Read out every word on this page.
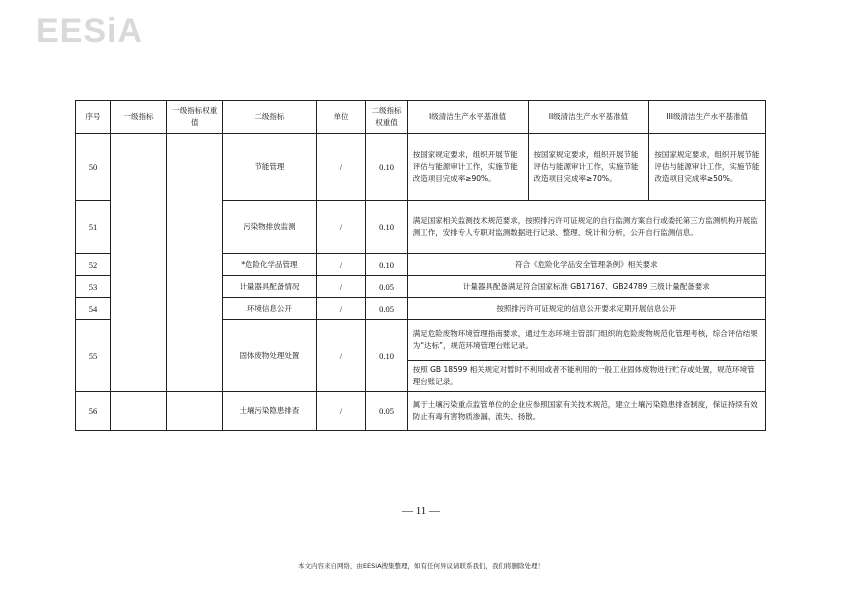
EESiA
序号	一级指标	一级指标权重值	二级指标	单位	二级指标权重值	I级清洁生产水平基准值	II级清洁生产水平基准值	III级清洁生产水平基准值
50			节能管理	/	0.10	按国家规定要求，组织开展节能评估与能源审计工作，实施节能改造项目完成率≥90%。	按国家规定要求，组织开展节能评估与能源审计工作，实施节能改造项目完成率≥70%。	按国家规定要求，组织开展节能评估与能源审计工作，实施节能改造项目完成率≥50%。
51			污染物排放监测	/	0.10	满足国家相关监测技术规范要求，按照排污许可证规定的自行监测方案自行或委托第三方监测机构开展监测工作，安排专人专职对监测数据进行记录、整理、统计和分析，公开自行监测信息。		
52			*危险化学品管理	/	0.10	符合《危险化学品安全管理条例》相关要求		
53			计量器具配备情况	/	0.05	计量器具配备满足符合国家标准 GB17167、GB24789 三级计量配备要求		
54			环境信息公开	/	0.05	按照排污许可证规定的信息公开要求定期开展信息公开		
55			固体废物处理处置	/	0.10	满足危险废物环境管理指南要求，通过生态环境主管部门组织的危险废物规范化管理考核，综合评估结果为“达标”，规范环境管理台账记录。		
						按照 GB 18599 相关规定对暂时不利用或者不能利用的一般工业固体废物进行贮存或处置，规范环境管理台账记录。		
56			土壤污染隐患排查	/	0.05	属于土壤污染重点监管单位的企业应参照国家有关技术规范，建立土壤污染隐患排查制度，保证持续有效防止有毒有害物质渗漏、流失、扬散。		
— 11 —
本文内容来自网络，由EESiA搜集整理，如有任何异议请联系我们，我们将删除处理！
